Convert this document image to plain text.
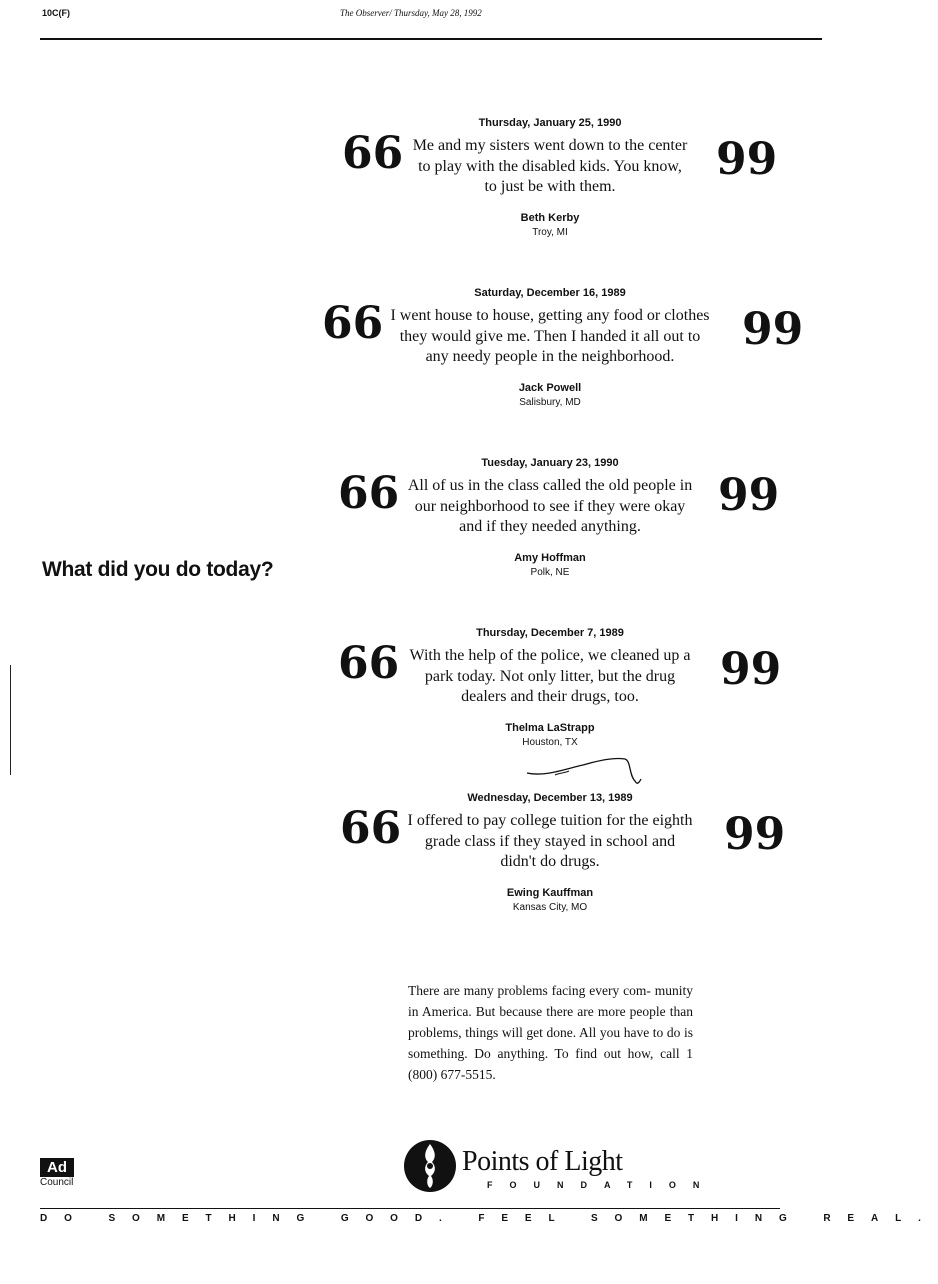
10C(F)	The Observer/ Thursday, May 28, 1992
What did you do today?
Thursday, January 25, 1990
66 Me and my sisters went down to the center
to play with the disabled kids. You know,
to just be with them.
99
Beth Kerby
Troy, MI
Saturday, December 16, 1989
66 I went house to house, getting any food or clothes
they would give me. Then I handed it all out to
any needy people in the neighborhood.
99
Jack Powell
Salisbury, MD
Tuesday, January 23, 1990
66 All of us in the class called the old people in
our neighborhood to see if they were okay
and if they needed anything.
99
Amy Hoffman
Polk, NE
Thursday, December 7, 1989
66 With the help of the police, we cleaned up a
park today. Not only litter, but the drug
dealers and their drugs, too.
99
Thelma LaStrapp
Houston, TX
Wednesday, December 13, 1989
66 I offered to pay college tuition for the eighth
grade class if they stayed in school and
didn't do drugs.
99
Ewing Kauffman
Kansas City, MO
There are many problems facing every com- munity in America. But because there are more people than problems, things will get done. All you have to do is something. Do anything. To find out how, call 1 (800) 677-5515.
Ad
Council
Points of Light
FOUNDATION
DO SOMETHING GOOD. FEEL SOMETHING REAL.
